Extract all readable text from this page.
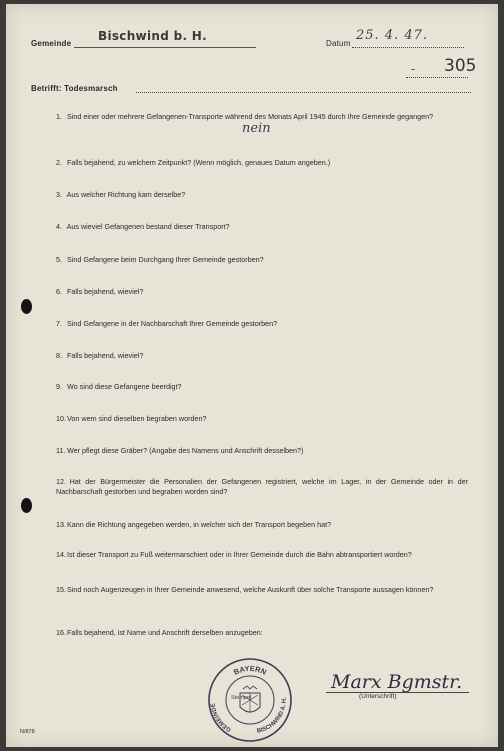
Gemeinde
Bischwind b. H.
Datum
25. 4. 47.
- 305
Betrifft: Todesmarsch
1. Sind einer oder mehrere Gefangenen-Transporte während des Monats April 1945 durch Ihre Gemeinde gegangen?
nein
2. Falls bejahend, zu welchem Zeitpunkt? (Wenn möglich, genaues Datum angeben.)
3. Aus welcher Richtung kam derselbe?
4. Aus wieviel Gefangenen bestand dieser Transport?
5. Sind Gefangene beim Durchgang Ihrer Gemeinde gestorben?
6. Falls bejahend, wieviel?
7. Sind Gefangene in der Nachbarschaft Ihrer Gemeinde gestorben?
8. Falls bejahend, wieviel?
9. Wo sind diese Gefangene beerdigt?
10. Von wem sind dieselben begraben worden?
11. Wer pflegt diese Gräber? (Angabe des Namens und Anschrift desselben?)
12. Hat der Bürgermeister die Personalien der Gefangenen registriert, welche im Lager, in der Gemeinde oder in der Nachbarschaft gestorben und begraben worden sind?
13. Kann die Richtung angegeben werden, in welcher sich der Transport begeben hat?
14. Ist dieser Transport zu Fuß weitermarschiert oder in Ihrer Gemeinde durch die Bahn abtransportiert worden?
15. Sind noch Augenzeugen in Ihrer Gemeinde anwesend, welche Auskunft über solche Transporte aussagen können?
16. Falls bejahend, ist Name und Anschrift derselben anzugeben:
BAYERN
GEMEINDE
BISCHWIND A. H.
Stempel
Marx Bgmstr.
(Unterschrift)
N/878
